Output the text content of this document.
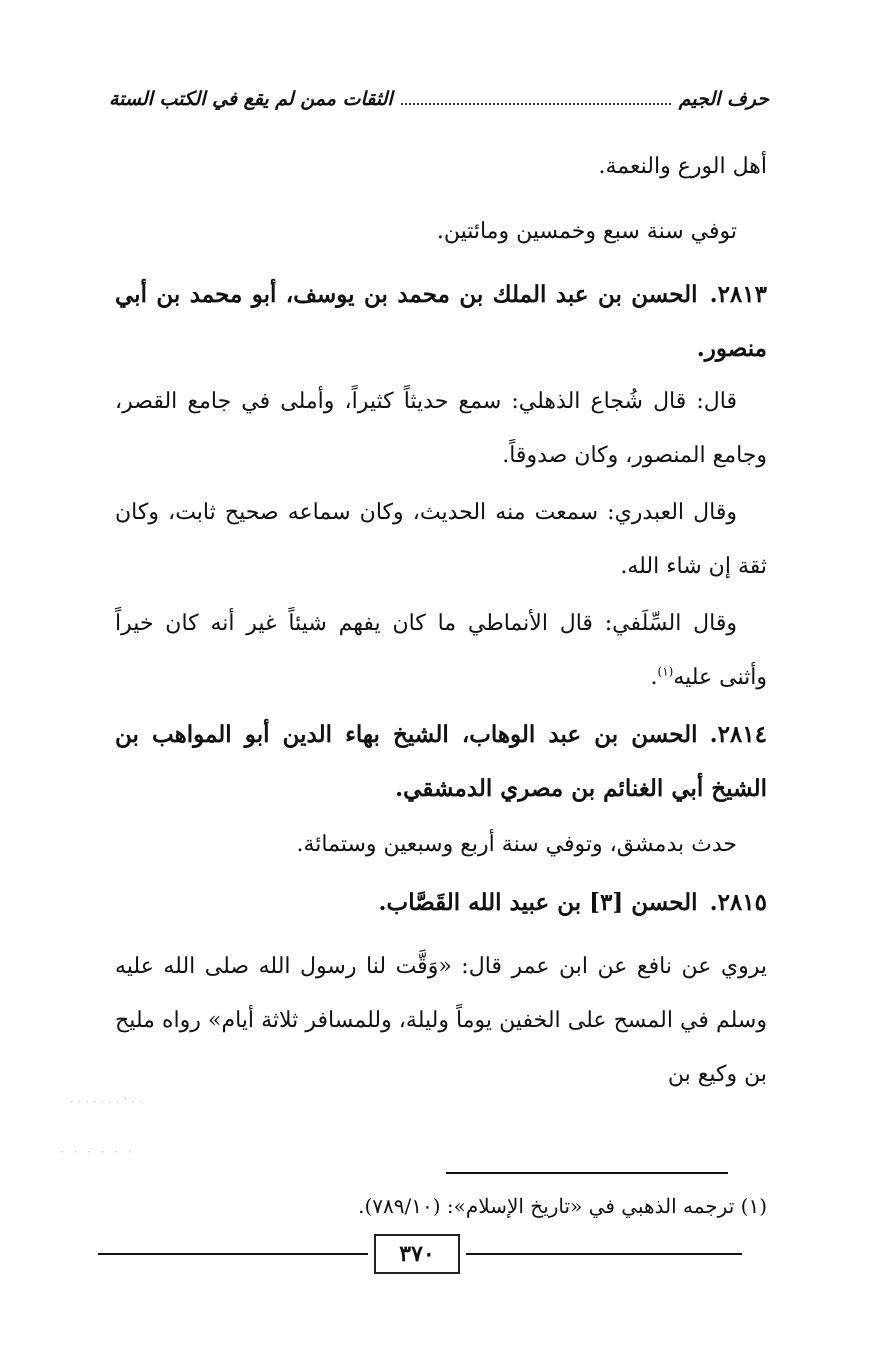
حرف الجيم
الثقات ممن لم يقع في الكتب الستة

أهل الورع والنعمة.

توفي سنة سبع وخمسين ومائتين.

٢٨١٣.الحسن بن عبد الملك بن محمد بن يوسف، أبو محمد بن أبي منصور.

قال: قال شُجاع الذهلي: سمع حديثاً كثيراً، وأملى في جامع القصر، وجامع المنصور، وكان صدوقاً.

وقال العبدري: سمعت منه الحديث، وكان سماعه صحيح ثابت، وكان ثقة إن شاء الله.

وقال السِّلَفي: قال الأنماطي ما كان يفهم شيئاً غير أنه كان خيراً وأثنى عليه$^{(١)}$.

٢٨١٤.الحسن بن عبد الوهاب، الشيخ بهاء الدين أبو المواهب بن الشيخ أبي الغنائم بن مصري الدمشقي.

حدث بدمشق، وتوفي سنة أربع وسبعين وستمائة.

٢٨١٥.الحسن [٣] بن عبيد الله القَصَّاب.

يروي عن نافع عن ابن عمر قال: «وَقَّت لنا رسول الله صلى الله عليه وسلم في المسح على الخفين يوماً وليلة، وللمسافر ثلاثة أيام» رواه مليح بن وكيع بن

· · ٬ · · · · · · ·
· · · · · ·
(١) ترجمه الذهبي في «تاريخ الإسلام»: (٧٨٩/١٠).
٣٧٠
